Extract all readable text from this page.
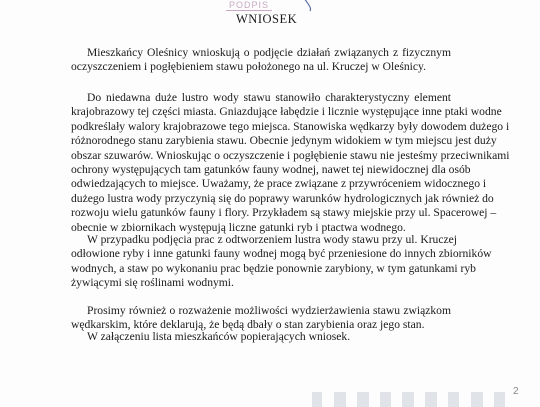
PODPIS
WNIOSEK
Mieszkańcy Oleśnicy wnioskują o podjęcie działań związanych z fizycznym
oczyszczeniem i pogłębieniem stawu położonego na ul. Kruczej w Oleśnicy.
Do niedawna duże lustro wody stawu stanowiło charakterystyczny element
krajobrazowy tej części miasta. Gniazdujące łabędzie i licznie występujące inne ptaki wodne
podkreślały walory krajobrazowe tego miejsca. Stanowiska wędkarzy były dowodem dużego i
różnorodnego stanu zarybienia stawu. Obecnie jedynym widokiem w tym miejscu jest duży
obszar szuwarów. Wnioskując o oczyszczenie i pogłębienie stawu nie jesteśmy przeciwnikami
ochrony występujących tam gatunków fauny wodnej, nawet tej niewidocznej dla osób
odwiedzających to miejsce. Uważamy, że prace związane z przywróceniem widocznego i
dużego lustra wody przyczynią się do poprawy warunków hydrologicznych jak również do
rozwoju wielu gatunków fauny i flory. Przykładem są stawy miejskie przy ul. Spacerowej –
obecnie w zbiornikach występują liczne gatunki ryb i ptactwa wodnego.
W przypadku podjęcia prac z odtworzeniem lustra wody stawu przy ul. Kruczej
odłowione ryby i inne gatunki fauny wodnej mogą być przeniesione do innych zbiorników
wodnych, a staw po wykonaniu prac będzie ponownie zarybiony, w tym gatunkami ryb
żywiącymi się roślinami wodnymi.
Prosimy również o rozważenie możliwości wydzierżawienia stawu związkom
wędkarskim, które deklarują, że będą dbały o stan zarybienia oraz jego stan.
W załączeniu lista mieszkańców popierających wniosek.
2
